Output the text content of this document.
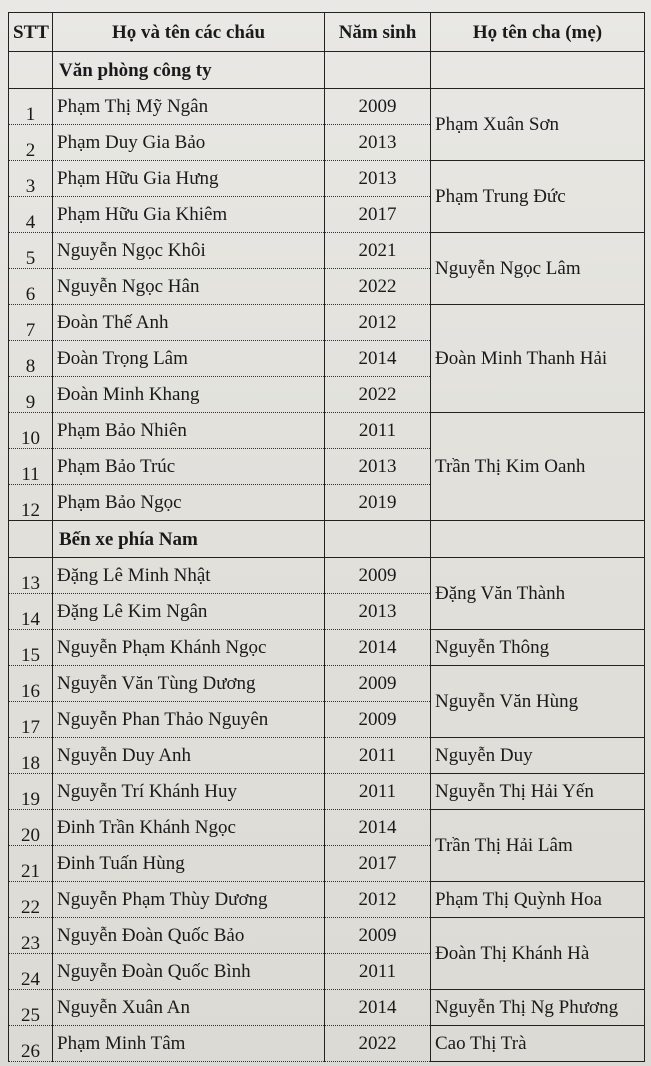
STT	Họ và tên các cháu	Năm sinh	Họ tên cha (mẹ)
	Văn phòng công ty		
1	Phạm Thị Mỹ Ngân	2009	Phạm Xuân Sơn
2	Phạm Duy Gia Bảo	2013	
3	Phạm Hữu Gia Hưng	2013	Phạm Trung Đức
4	Phạm Hữu Gia Khiêm	2017	
5	Nguyễn Ngọc Khôi	2021	Nguyễn Ngọc Lâm
6	Nguyễn Ngọc Hân	2022	
7	Đoàn Thế Anh	2012	Đoàn Minh Thanh Hải
8	Đoàn Trọng Lâm	2014	
9	Đoàn Minh Khang	2022	
10	Phạm Bảo Nhiên	2011	Trần Thị Kim Oanh
11	Phạm Bảo Trúc	2013	
12	Phạm Bảo Ngọc	2019	
	Bến xe phía Nam		
13	Đặng Lê Minh Nhật	2009	Đặng Văn Thành
14	Đặng Lê Kim Ngân	2013	
15	Nguyễn Phạm Khánh Ngọc	2014	Nguyễn Thông
16	Nguyễn Văn Tùng Dương	2009	Nguyễn Văn Hùng
17	Nguyễn Phan Thảo Nguyên	2009	
18	Nguyễn Duy Anh	2011	Nguyễn Duy
19	Nguyễn Trí Khánh Huy	2011	Nguyễn Thị Hải Yến
20	Đinh Trần Khánh Ngọc	2014	Trần Thị Hải Lâm
21	Đinh Tuấn Hùng	2017	
22	Nguyễn Phạm Thùy Dương	2012	Phạm Thị Quỳnh Hoa
23	Nguyễn Đoàn Quốc Bảo	2009	Đoàn Thị Khánh Hà
24	Nguyễn Đoàn Quốc Bình	2011	
25	Nguyễn Xuân An	2014	Nguyễn Thị Ng Phương
26	Phạm Minh Tâm	2022	Cao Thị Trà
